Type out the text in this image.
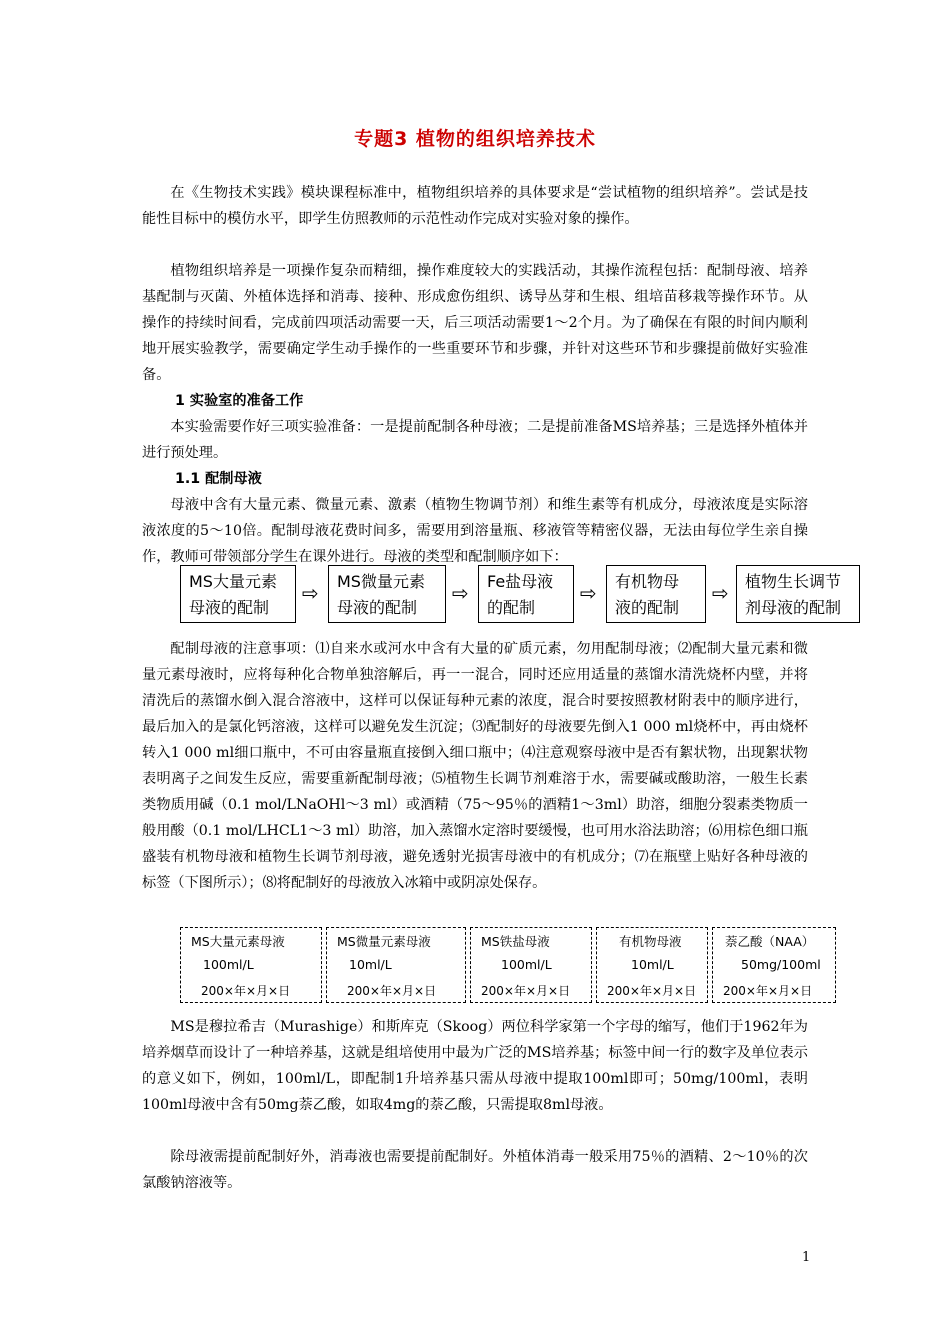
专题3 植物的组织培养技术

在《生物技术实践》模块课程标准中，植物组织培养的具体要求是“尝试植物的组织培养”。尝试是技能性目标中的模仿水平，即学生仿照教师的示范性动作完成对实验对象的操作。

植物组织培养是一项操作复杂而精细，操作难度较大的实践活动，其操作流程包括：配制母液、培养基配制与灭菌、外植体选择和消毒、接种、形成愈伤组织、诱导丛芽和生根、组培苗移栽等操作环节。从操作的持续时间看，完成前四项活动需要一天，后三项活动需要1～2个月。为了确保在有限的时间内顺利地开展实验教学，需要确定学生动手操作的一些重要环节和步骤，并针对这些环节和步骤提前做好实验准备。

1 实验室的准备工作

本实验需要作好三项实验准备：一是提前配制各种母液；二是提前准备MS培养基；三是选择外植体并进行预处理。

1.1 配制母液

母液中含有大量元素、微量元素、激素（植物生物调节剂）和维生素等有机成分，母液浓度是实际溶液浓度的5～10倍。配制母液花费时间多，需要用到溶量瓶、移液管等精密仪器，无法由每位学生亲自操作，教师可带领部分学生在课外进行。母液的类型和配制顺序如下：

MS大量元素
母液的配制
⇨ MS微量元素
母液的配制
⇨ Fe盐母液
的配制
⇨ 有机物母
液的配制
⇨ 植物生长调节
剂母液的配制

配制母液的注意事项：⑴自来水或河水中含有大量的矿质元素，勿用配制母液；⑵配制大量元素和微量元素母液时，应将每种化合物单独溶解后，再一一混合，同时还应用适量的蒸馏水清洗烧杯内壁，并将清洗后的蒸馏水倒入混合溶液中，这样可以保证每种元素的浓度，混合时要按照教材附表中的顺序进行，最后加入的是氯化钙溶液，这样可以避免发生沉淀；⑶配制好的母液要先倒入1 000 ml烧杯中，再由烧杯转入1 000 ml细口瓶中，不可由容量瓶直接倒入细口瓶中；⑷注意观察母液中是否有絮状物，出现絮状物表明离子之间发生反应，需要重新配制母液；⑸植物生长调节剂难溶于水，需要碱或酸助溶，一般生长素类物质用碱（0.1 mol/LNaOHl～3 ml）或酒精（75～95％的酒精1～3ml）助溶，细胞分裂素类物质一般用酸（0.1 mol/LHCL1～3 ml）助溶，加入蒸馏水定溶时要缓慢，也可用水浴法助溶；⑹用棕色细口瓶盛装有机物母液和植物生长调节剂母液，避免透射光损害母液中的有机成分；⑺在瓶壁上贴好各种母液的标签（下图所示）；⑻将配制好的母液放入冰箱中或阴凉处保存。

MS大量元素母液
100ml/L
200×年×月×日
MS微量元素母液
10ml/L
200×年×月×日
MS铁盐母液
100ml/L
200×年×月×日
有机物母液
10ml/L
200×年×月×日
萘乙酸（NAA）
50mg/100ml
200×年×月×日

MS是穆拉希吉（Murashige）和斯库克（Skoog）两位科学家第一个字母的缩写，他们于1962年为培养烟草而设计了一种培养基，这就是组培使用中最为广泛的MS培养基；标签中间一行的数字及单位表示的意义如下，例如，100ml/L，即配制1升培养基只需从母液中提取100ml即可；50mg/100ml，表明100ml母液中含有50mg萘乙酸，如取4mg的萘乙酸，只需提取8ml母液。

除母液需提前配制好外，消毒液也需要提前配制好。外植体消毒一般采用75％的酒精、2～10％的次氯酸钠溶液等。

1
